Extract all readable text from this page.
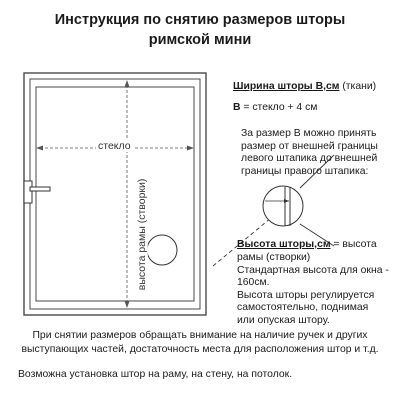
Инструкция по снятию размеров шторы
римской мини
стекло
высота рамы (створки)
Ширина шторы В,см (ткани)
В = стекло + 4 см
За размер В можно принять
размер от внешней границы
левого штапика до внешней
границы правого штапика:
Высота шторы,см = высота
рамы (створки)
Стандартная высота для окна -
160см.
Высота шторы регулируется
самостоятельно, поднимая
или опуская штору.
При снятии размеров обращать внимание на наличие ручек и других
выступающих частей, достаточность места для расположения штор и т.д.
Возможна установка штор на раму, на стену, на потолок.
